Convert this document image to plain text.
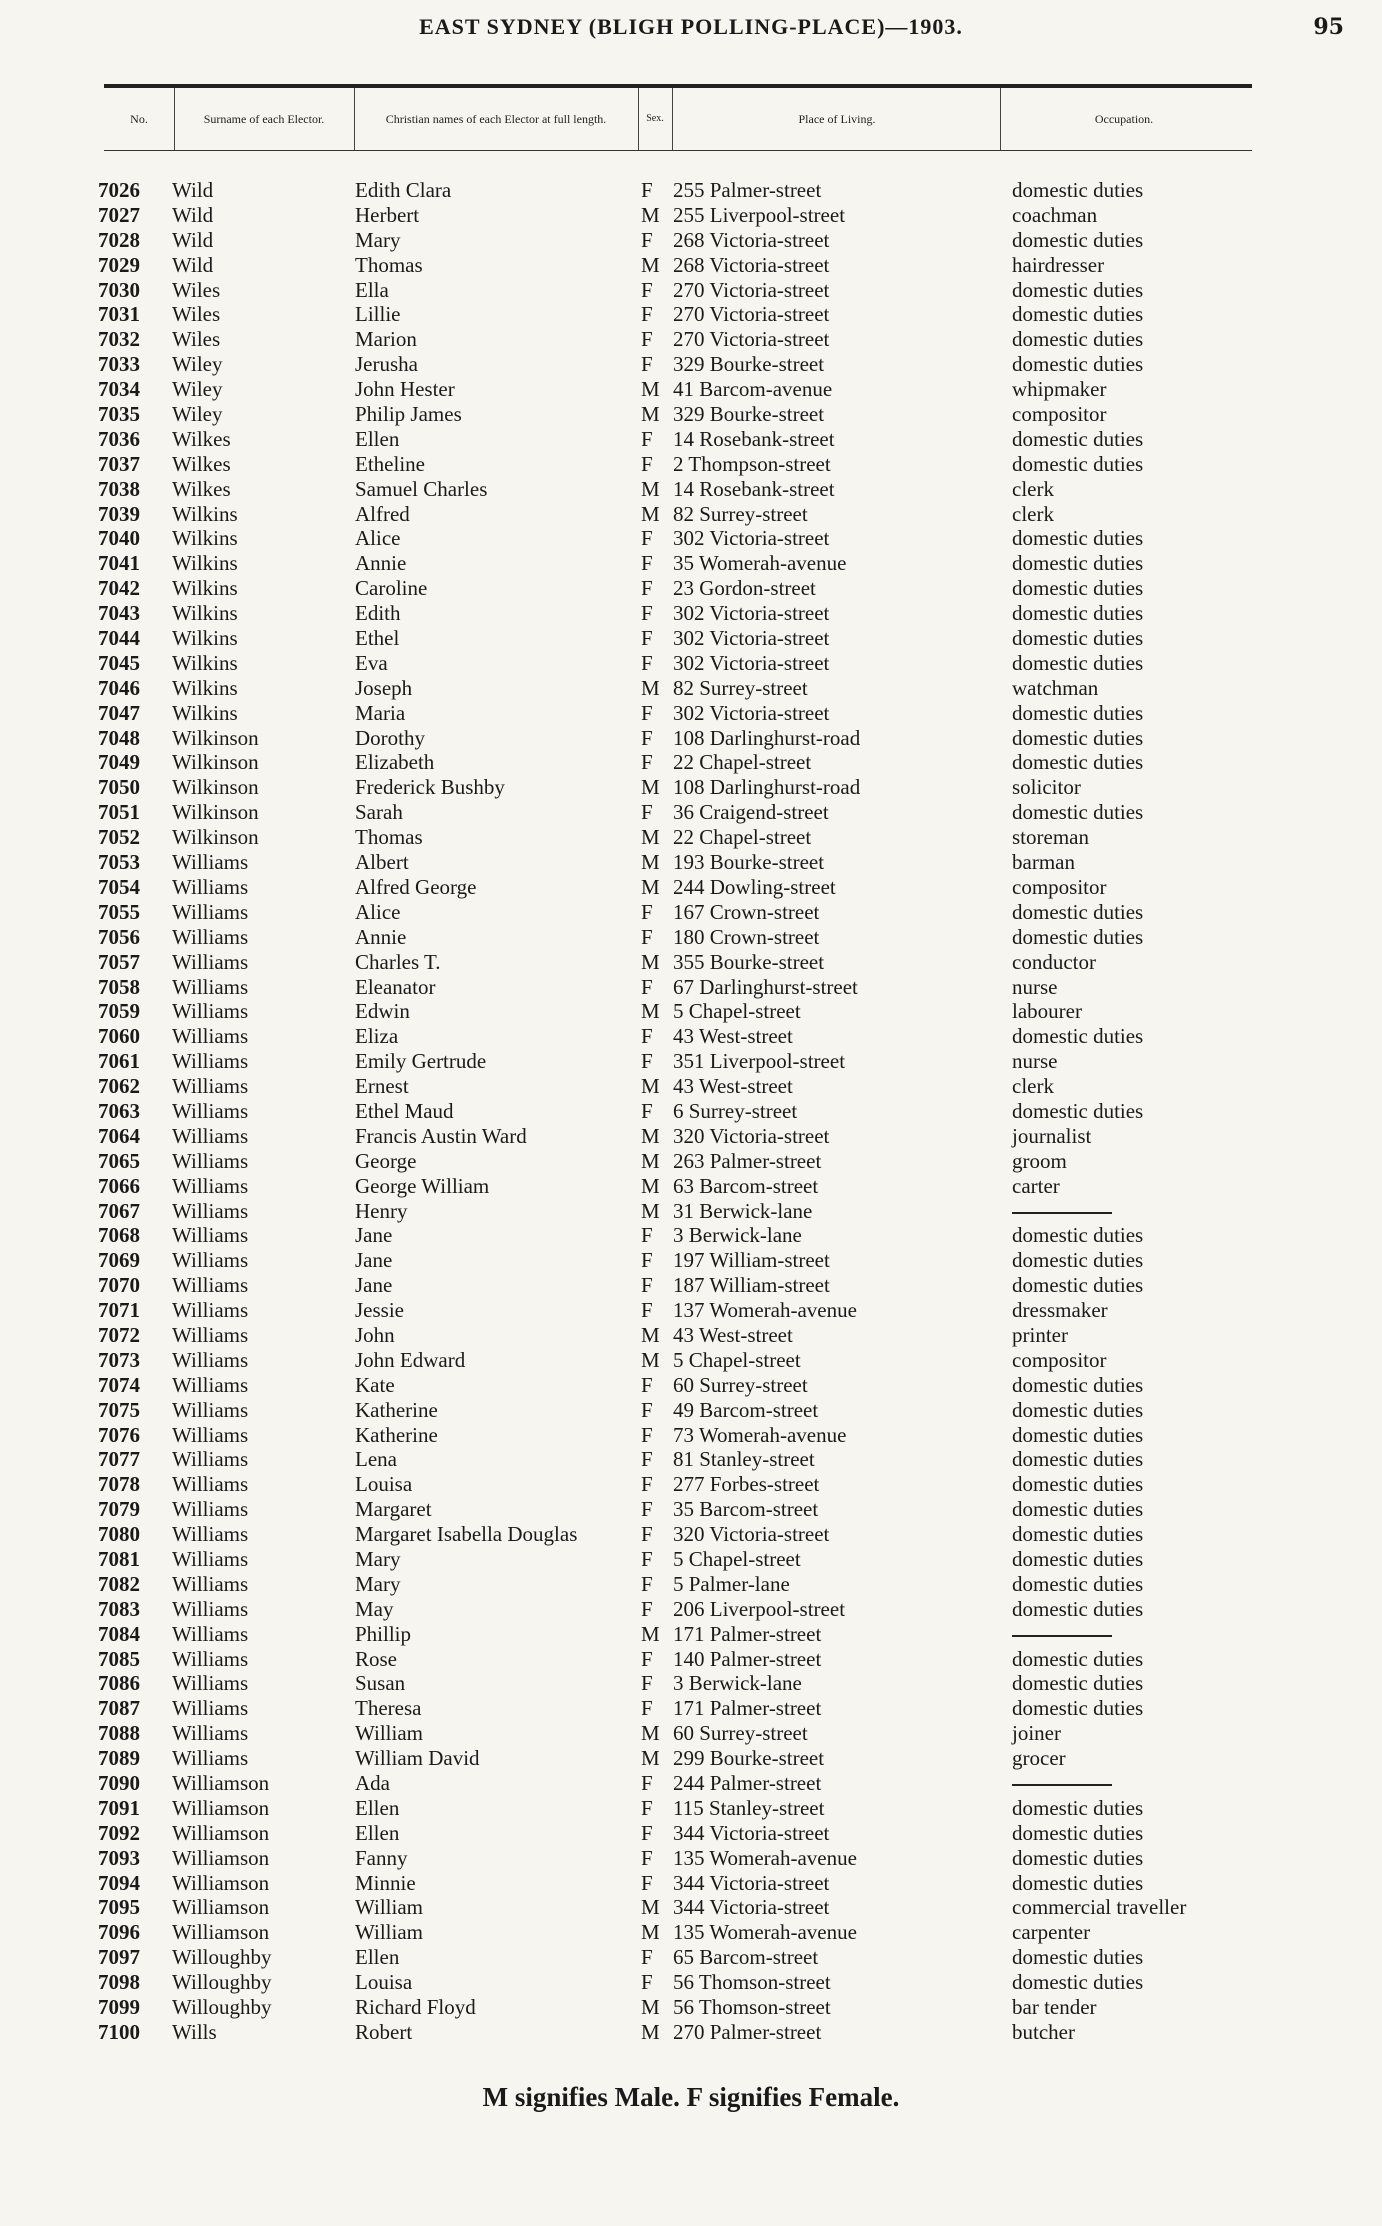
EAST SYDNEY (BLIGH POLLING-PLACE)—1903.	95
No.	Surname of each Elector.	Christian names of each Elector at full length.	Sex.	Place of Living.	Occupation.
7026 Wild	Edith Clara	F 255 Palmer-street	domestic duties
7027 Wild	Herbert	M 255 Liverpool-street	coachman
7028 Wild	Mary	F 268 Victoria-street	domestic duties
7029 Wild	Thomas	M 268 Victoria-street	hairdresser
7030 Wiles	Ella	F 270 Victoria-street	domestic duties
7031 Wiles	Lillie	F 270 Victoria-street	domestic duties
7032 Wiles	Marion	F 270 Victoria-street	domestic duties
7033 Wiley	Jerusha	F 329 Bourke-street	domestic duties
7034 Wiley	John Hester	M 41 Barcom-avenue	whipmaker
7035 Wiley	Philip James	M 329 Bourke-street	compositor
7036 Wilkes	Ellen	F 14 Rosebank-street	domestic duties
7037 Wilkes	Etheline	F 2 Thompson-street	domestic duties
7038 Wilkes	Samuel Charles	M 14 Rosebank-street	clerk
7039 Wilkins	Alfred	M 82 Surrey-street	clerk
7040 Wilkins	Alice	F 302 Victoria-street	domestic duties
7041 Wilkins	Annie	F 35 Womerah-avenue	domestic duties
7042 Wilkins	Caroline	F 23 Gordon-street	domestic duties
7043 Wilkins	Edith	F 302 Victoria-street	domestic duties
7044 Wilkins	Ethel	F 302 Victoria-street	domestic duties
7045 Wilkins	Eva	F 302 Victoria-street	domestic duties
7046 Wilkins	Joseph	M 82 Surrey-street	watchman
7047 Wilkins	Maria	F 302 Victoria-street	domestic duties
7048 Wilkinson	Dorothy	F 108 Darlinghurst-road	domestic duties
7049 Wilkinson	Elizabeth	F 22 Chapel-street	domestic duties
7050 Wilkinson	Frederick Bushby	M 108 Darlinghurst-road	solicitor
7051 Wilkinson	Sarah	F 36 Craigend-street	domestic duties
7052 Wilkinson	Thomas	M 22 Chapel-street	storeman
7053 Williams	Albert	M 193 Bourke-street	barman
7054 Williams	Alfred George	M 244 Dowling-street	compositor
7055 Williams	Alice	F 167 Crown-street	domestic duties
7056 Williams	Annie	F 180 Crown-street	domestic duties
7057 Williams	Charles T.	M 355 Bourke-street	conductor
7058 Williams	Eleanator	F 67 Darlinghurst-street	nurse
7059 Williams	Edwin	M 5 Chapel-street	labourer
7060 Williams	Eliza	F 43 West-street	domestic duties
7061 Williams	Emily Gertrude	F 351 Liverpool-street	nurse
7062 Williams	Ernest	M 43 West-street	clerk
7063 Williams	Ethel Maud	F 6 Surrey-street	domestic duties
7064 Williams	Francis Austin Ward	M 320 Victoria-street	journalist
7065 Williams	George	M 263 Palmer-street	groom
7066 Williams	George William	M 63 Barcom-street	carter
7067 Williams	Henry	M 31 Berwick-lane
7068 Williams	Jane	F 3 Berwick-lane	domestic duties
7069 Williams	Jane	F 197 William-street	domestic duties
7070 Williams	Jane	F 187 William-street	domestic duties
7071 Williams	Jessie	F 137 Womerah-avenue	dressmaker
7072 Williams	John	M 43 West-street	printer
7073 Williams	John Edward	M 5 Chapel-street	compositor
7074 Williams	Kate	F 60 Surrey-street	domestic duties
7075 Williams	Katherine	F 49 Barcom-street	domestic duties
7076 Williams	Katherine	F 73 Womerah-avenue	domestic duties
7077 Williams	Lena	F 81 Stanley-street	domestic duties
7078 Williams	Louisa	F 277 Forbes-street	domestic duties
7079 Williams	Margaret	F 35 Barcom-street	domestic duties
7080 Williams	Margaret Isabella Douglas	F 320 Victoria-street	domestic duties
7081 Williams	Mary	F 5 Chapel-street	domestic duties
7082 Williams	Mary	F 5 Palmer-lane	domestic duties
7083 Williams	May	F 206 Liverpool-street	domestic duties
7084 Williams	Phillip	M 171 Palmer-street
7085 Williams	Rose	F 140 Palmer-street	domestic duties
7086 Williams	Susan	F 3 Berwick-lane	domestic duties
7087 Williams	Theresa	F 171 Palmer-street	domestic duties
7088 Williams	William	M 60 Surrey-street	joiner
7089 Williams	William David	M 299 Bourke-street	grocer
7090 Williamson	Ada	F 244 Palmer-street
7091 Williamson	Ellen	F 115 Stanley-street	domestic duties
7092 Williamson	Ellen	F 344 Victoria-street	domestic duties
7093 Williamson	Fanny	F 135 Womerah-avenue	domestic duties
7094 Williamson	Minnie	F 344 Victoria-street	domestic duties
7095 Williamson	William	M 344 Victoria-street	commercial traveller
7096 Williamson	William	M 135 Womerah-avenue	carpenter
7097 Willoughby	Ellen	F 65 Barcom-street	domestic duties
7098 Willoughby	Louisa	F 56 Thomson-street	domestic duties
7099 Willoughby	Richard Floyd	M 56 Thomson-street	bar tender
7100 Wills	Robert	M 270 Palmer-street	butcher
M signifies Male. F signifies Female.
